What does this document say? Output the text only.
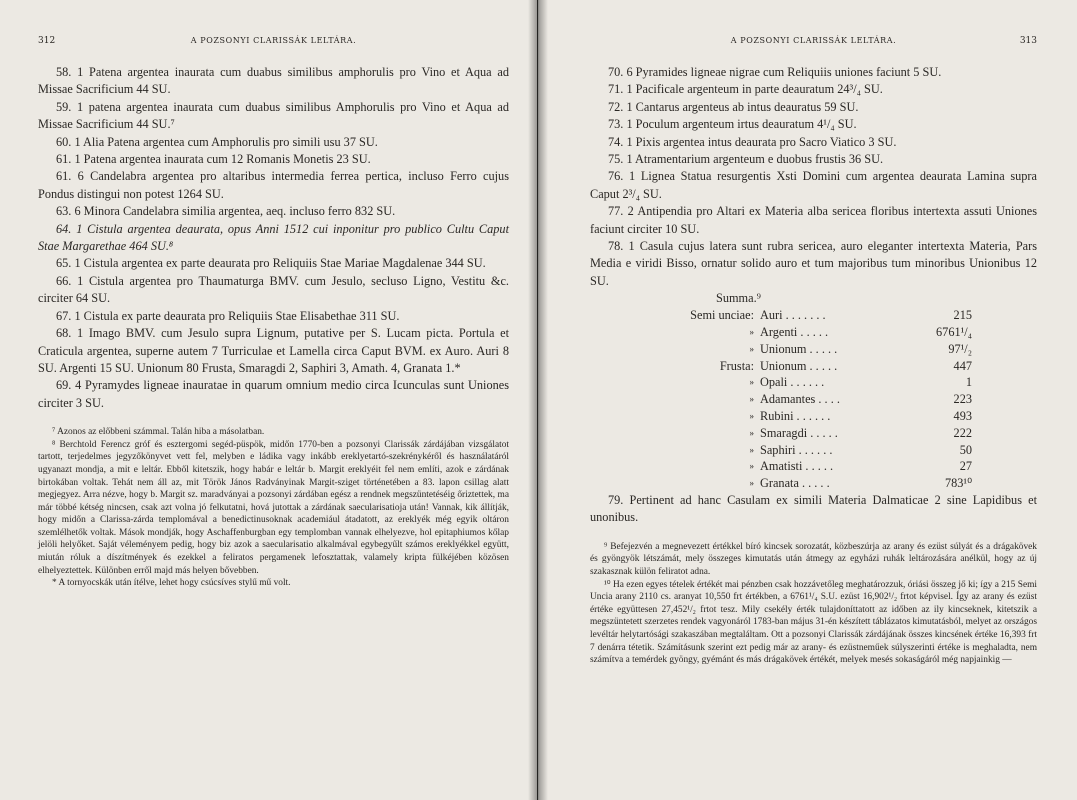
312	A POZSONYI CLARISSÁK LELTÁRA.

58. 1 Patena argentea inaurata cum duabus similibus amphorulis pro Vino et Aqua ad Missae Sacrificium 44 SU.

59. 1 patena argentea inaurata cum duabus similibus Amphorulis pro Vino et Aqua ad Missae Sacrificium 44 SU.⁷

60. 1 Alia Patena argentea cum Amphorulis pro simili usu 37 SU.

61. 1 Patena argentea inaurata cum 12 Romanis Monetis 23 SU.

61. 6 Candelabra argentea pro altaribus intermedia ferrea pertica, incluso Ferro cujus Pondus distingui non potest 1264 SU.

63. 6 Minora Candelabra similia argentea, aeq. incluso ferro 832 SU.

64. 1 Cistula argentea deaurata, opus Anni 1512 cui inponitur pro publico Cultu Caput Stae Margarethae 464 SU.⁸

65. 1 Cistula argentea ex parte deaurata pro Reliquiis Stae Mariae Magdalenae 344 SU.

66. 1 Cistula argentea pro Thaumaturga BMV. cum Jesulo, secluso Ligno, Vestitu &c. circiter 64 SU.

67. 1 Cistula ex parte deaurata pro Reliquiis Stae Elisabethae 311 SU.

68. 1 Imago BMV. cum Jesulo supra Lignum, putative per S. Lucam picta. Portula et Craticula argentea, superne autem 7 Turriculae et Lamella circa Caput BVM. ex Auro. Auri 8 SU. Argenti 15 SU. Unionum 80 Frusta, Smaragdi 2, Saphiri 3, Amath. 4, Granata 1.*

69. 4 Pyramydes ligneae inauratae in quarum omnium medio circa Icunculas sunt Uniones circiter 3 SU.

⁷ Azonos az előbbeni számmal. Talán hiba a másolatban.

⁸ Berchtold Ferencz gróf és esztergomi segéd-püspök, midőn 1770-ben a pozsonyi Clarissák zárdájában vizsgálatot tartott, terjedelmes jegyzőkönyvet vett fel, melyben e ládika vagy inkább ereklyetartó-szekrénykéről és használatáról ugyanazt mondja, a mit e leltár. Ebből kitetszik, hogy habár e leltár b. Margit ereklyéit fel nem említi, azok e zárdának birtokában voltak. Tehát nem áll az, mit Török János Radványinak Margit-sziget történetében a 83. lapon csillag alatt megjegyez. Arra nézve, hogy b. Margit sz. maradványai a pozsonyi zárdában egész a rendnek megszüntetéséig őriztettek, ma már többé kétség nincsen, csak azt volna jó felkutatni, hová jutottak a zárdának saecularisatioja után! Vannak, kik állítják, hogy midőn a Clarissa-zárda templomával a benedictinusoknak academiául átadatott, az ereklyék még egyik oltáron szemlélhetők voltak. Mások mondják, hogy Aschaffenburgban egy templomban vannak elhelyezve, hol epitaphiumos kőlap jelöli helyőket. Saját véleményem pedig, hogy biz azok a saecularisatio alkalmával egybegyűlt számos ereklyékkel együtt, miután róluk a díszítmények és ezekkel a feliratos pergamenek lefosztattak, valamely kripta fülkéjében közösen elhelyeztettek. Különben erről majd más helyen bővebben.

* A tornyocskák után ítélve, lehet hogy csúcsíves stylű mű volt.

A POZSONYI CLARISSÁK LELTÁRA.	313

70. 6 Pyramides ligneae nigrae cum Reliquiis uniones faciunt 5 SU.

71. 1 Pacificale argenteum in parte deauratum 24³/₄ SU.

72. 1 Cantarus argenteus ab intus deauratus 59 SU.

73. 1 Poculum argenteum irtus deauratum 4¹/₄ SU.

74. 1 Pixis argentea intus deaurata pro Sacro Viatico 3 SU.

75. 1 Atramentarium argenteum e duobus frustis 36 SU.

76. 1 Lignea Statua resurgentis Xsti Domini cum argentea deaurata Lamina supra Caput 2³/₄ SU.

77. 2 Antipendia pro Altari ex Materia alba sericea floribus intertexta assuti Uniones faciunt circiter 10 SU.

78. 1 Casula cujus latera sunt rubra sericea, auro eleganter intertexta Materia, Pars Media e viridi Bisso, ornatur solido auro et tum majoribus tum minoribus Unionibus 12 SU.

Summa.⁹
Semi unciae:	Auri . . . . . . .	215
»	Argenti . . . . .	6761¹/₄
»	Unionum . . . . .	97¹/₂
Frusta:	Unionum . . . . .	447
»	Opali . . . . . .	1
»	Adamantes . . . .	223
»	Rubini . . . . . .	493
»	Smaragdi . . . . .	222
»	Saphiri . . . . . .	50
»	Amatisti . . . . .	27
»	Granata . . . . .	783¹⁰

79. Pertinent ad hanc Casulam ex simili Materia Dalmaticae 2 sine Lapidibus et unonibus.

⁹ Befejezvén a megnevezett értékkel bíró kincsek sorozatát, közbeszúrja az arany és ezüst súlyát és a drágakövek és gyöngyök létszámát, mely összeges kimutatás után átmegy az egyházi ruhák leltározására anélkül, hogy az új szakasznak külön feliratot adna.

¹⁰ Ha ezen egyes tételek értékét mai pénzben csak hozzávetőleg meghatározzuk, óriási összeg jő ki; így a 215 Semi Uncia arany 2110 cs. aranyat 10,550 frt értékben, a 6761¹/₄ S.U. ezüst 16,902¹/₂ frtot képvisel. Így az arany és ezüst értéke együttesen 27,452¹/₂ frtot tesz. Mily csekély érték tulajdoníttatott az időben az ily kincseknek, kitetszik a megszüntetett szerzetes rendek vagyonáról 1783-ban május 31-én készített táblázatos kimutatásból, melyet az országos levéltár helytartósági szakaszában megtaláltam. Ott a pozsonyi Clarissák zárdájának összes kincsének értéke 16,393 frt 7 denárra tétetik. Számításunk szerint ezt pedig már az arany- és ezüstneműek súlyszerinti értéke is meghaladta, nem számítva a temérdek gyöngy, gyémánt és más drágakövek értékét, melyek mesés sokaságáról még napjainkig —
